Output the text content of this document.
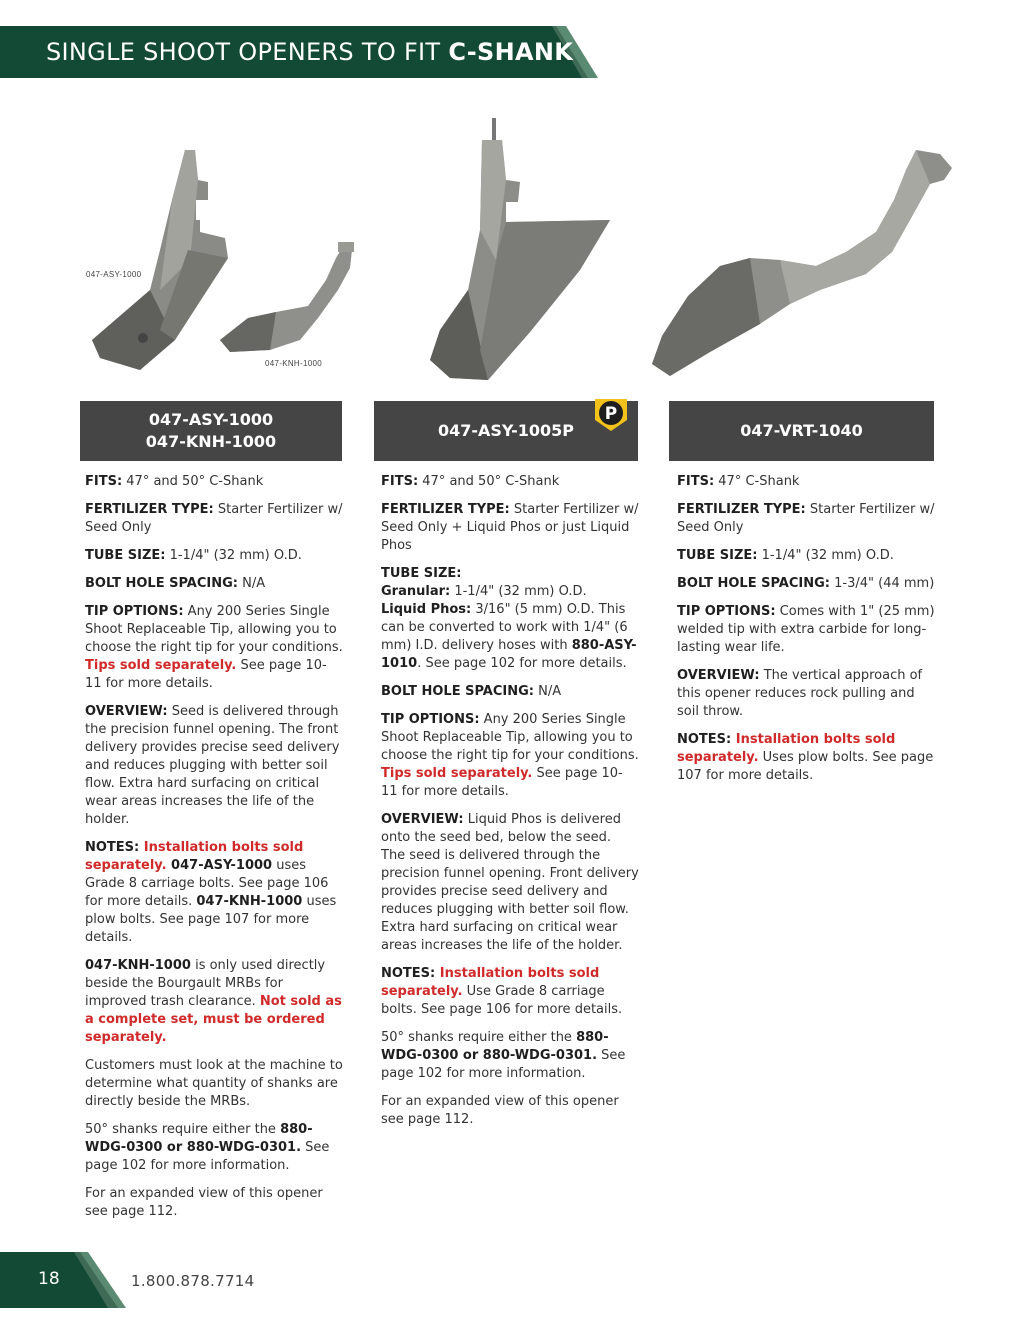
SINGLE SHOOT OPENERS TO FIT C-SHANK
047-ASY-1000
047-KNH-1000
047-ASY-1000
047-KNH-1000
047-ASY-1005P
P
047-VRT-1040

FITS: 47° and 50° C-Shank

FERTILIZER TYPE: Starter Fertilizer w/ Seed Only

TUBE SIZE: 1-1/4" (32 mm) O.D.

BOLT HOLE SPACING: N/A

TIP OPTIONS: Any 200 Series Single Shoot Replaceable Tip, allowing you to choose the right tip for your conditions. Tips sold separately. See page 10-11 for more details.

OVERVIEW: Seed is delivered through the precision funnel opening. The front delivery provides precise seed delivery and reduces plugging with better soil flow. Extra hard surfacing on critical wear areas increases the life of the holder.

NOTES: Installation bolts sold separately. 047-ASY-1000 uses Grade 8 carriage bolts. See page 106 for more details. 047-KNH-1000 uses plow bolts. See page 107 for more details.

047-KNH-1000 is only used directly beside the Bourgault MRBs for improved trash clearance. Not sold as a complete set, must be ordered separately.

Customers must look at the machine to determine what quantity of shanks are directly beside the MRBs.

50° shanks require either the 880-WDG-0300 or 880-WDG-0301. See page 102 for more information.

For an expanded view of this opener see page 112.

FITS: 47° and 50° C-Shank

FERTILIZER TYPE: Starter Fertilizer w/ Seed Only + Liquid Phos or just Liquid Phos

TUBE SIZE:
Granular: 1-1/4" (32 mm) O.D.
Liquid Phos: 3/16" (5 mm) O.D. This can be converted to work with 1/4" (6 mm) I.D. delivery hoses with 880-ASY-1010. See page 102 for more details.

BOLT HOLE SPACING: N/A

TIP OPTIONS: Any 200 Series Single Shoot Replaceable Tip, allowing you to choose the right tip for your conditions. Tips sold separately. See page 10-11 for more details.

OVERVIEW: Liquid Phos is delivered onto the seed bed, below the seed. The seed is delivered through the precision funnel opening. Front delivery provides precise seed delivery and reduces plugging with better soil flow. Extra hard surfacing on critical wear areas increases the life of the holder.

NOTES: Installation bolts sold separately. Use Grade 8 carriage bolts. See page 106 for more details.

50° shanks require either the 880-WDG-0300 or 880-WDG-0301. See page 102 for more information.

For an expanded view of this opener see page 112.

FITS: 47° C-Shank

FERTILIZER TYPE: Starter Fertilizer w/ Seed Only

TUBE SIZE: 1-1/4" (32 mm) O.D.

BOLT HOLE SPACING: 1-3/4" (44 mm)

TIP OPTIONS: Comes with 1" (25 mm) welded tip with extra carbide for long-lasting wear life.

OVERVIEW: The vertical approach of this opener reduces rock pulling and soil throw.

NOTES: Installation bolts sold separately. Uses plow bolts. See page 107 for more details.

18	1.800.878.7714
